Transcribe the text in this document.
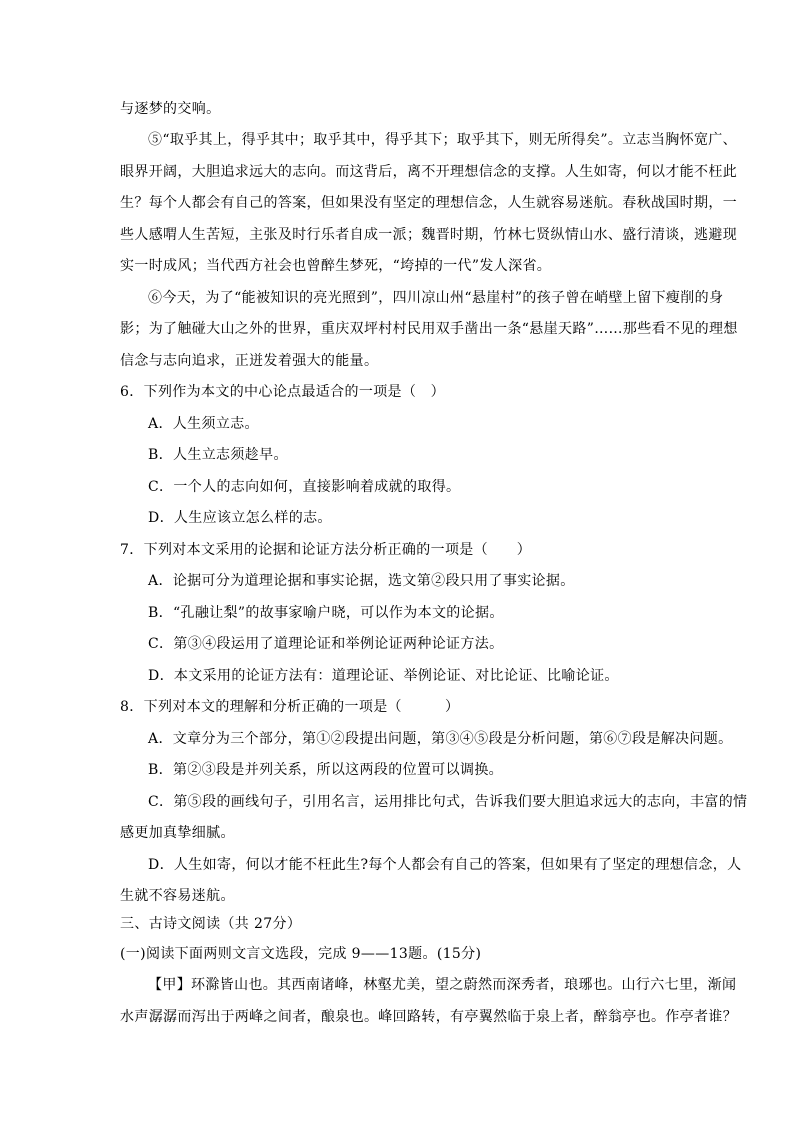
与逐梦的交响。
⑤“取乎其上，得乎其中；取乎其中，得乎其下；取乎其下，则无所得矣”。立志当胸怀宽广、
眼界开阔，大胆追求远大的志向。而这背后，离不开理想信念的支撑。人生如寄，何以才能不枉此
生？每个人都会有自己的答案，但如果没有坚定的理想信念，人生就容易迷航。春秋战国时期，一
些人感喟人生苦短，主张及时行乐者自成一派；魏晋时期，竹林七贤纵情山水、盛行清谈，逃避现
实一时成风；当代西方社会也曾醉生梦死，“垮掉的一代”发人深省。
⑥今天，为了“能被知识的亮光照到”，四川凉山州“悬崖村”的孩子曾在峭壁上留下瘦削的身
影；为了触碰大山之外的世界，重庆双坪村村民用双手凿出一条“悬崖天路”……那些看不见的理想
信念与志向追求，正迸发着强大的能量。
6．下列作为本文的中心论点最适合的一项是（　）
A．人生须立志。
B．人生立志须趁早。
C．一个人的志向如何，直接影响着成就的取得。
D．人生应该立怎么样的志。
7．下列对本文采用的论据和论证方法分析正确的一项是（　　）
A．论据可分为道理论据和事实论据，选文第②段只用了事实论据。
B．“孔融让梨”的故事家喻户晓，可以作为本文的论据。
C．第③④段运用了道理论证和举例论证两种论证方法。
D．本文采用的论证方法有：道理论证、举例论证、对比论证、比喻论证。
8．下列对本文的理解和分析正确的一项是（　　　）
A．文章分为三个部分，第①②段提出问题，第③④⑤段是分析问题，第⑥⑦段是解决问题。
B．第②③段是并列关系，所以这两段的位置可以调换。
C．第⑤段的画线句子，引用名言，运用排比句式，告诉我们要大胆追求远大的志向，丰富的情
感更加真挚细腻。
D．人生如寄，何以才能不枉此生?每个人都会有自己的答案，但如果有了坚定的理想信念，人
生就不容易迷航。
三、古诗文阅读（共 27分）
(一)阅读下面两则文言文选段，完成 9——13题。(15分)
【甲】环滁皆山也。其西南诸峰，林壑尤美，望之蔚然而深秀者，琅琊也。山行六七里，渐闻
水声潺潺而泻出于两峰之间者，酿泉也。峰回路转，有亭翼然临于泉上者，醉翁亭也。作亭者谁？
